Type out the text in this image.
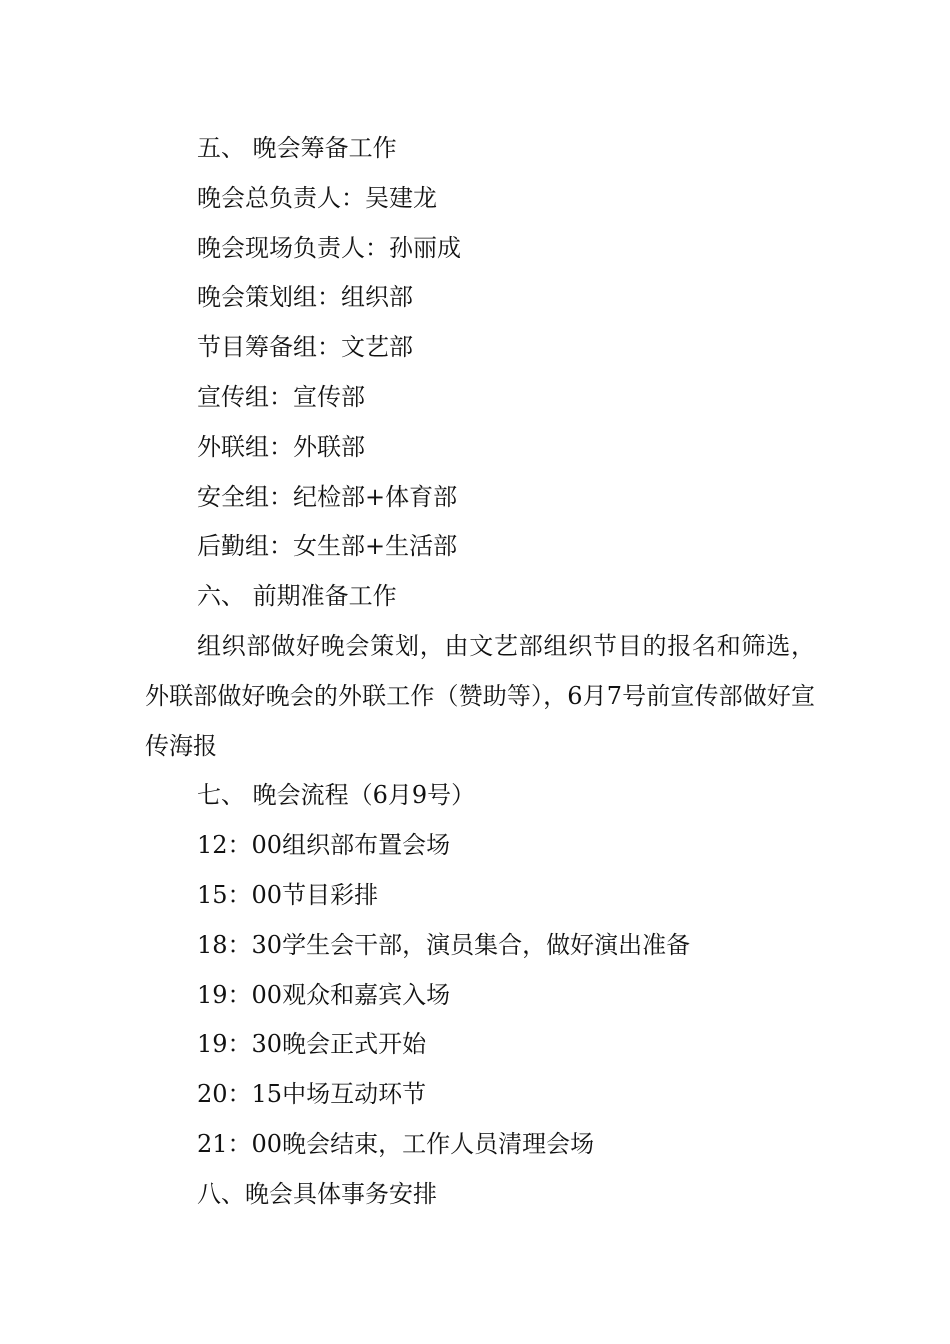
五、 晚会筹备工作
晚会总负责人：吴建龙
晚会现场负责人：孙丽成
晚会策划组：组织部
节目筹备组：文艺部
宣传组：宣传部
外联组：外联部
安全组：纪检部+体育部
后勤组：女生部+生活部
六、 前期准备工作
组织部做好晚会策划，由文艺部组织节目的报名和筛选，外联部做好晚会的外联工作（赞助等），6月7号前宣传部做好宣传海报
七、 晚会流程（6月9号）
12：00组织部布置会场
15：00节目彩排
18：30学生会干部，演员集合，做好演出准备
19：00观众和嘉宾入场
19：30晚会正式开始
20：15中场互动环节
21：00晚会结束，工作人员清理会场
八、晚会具体事务安排
